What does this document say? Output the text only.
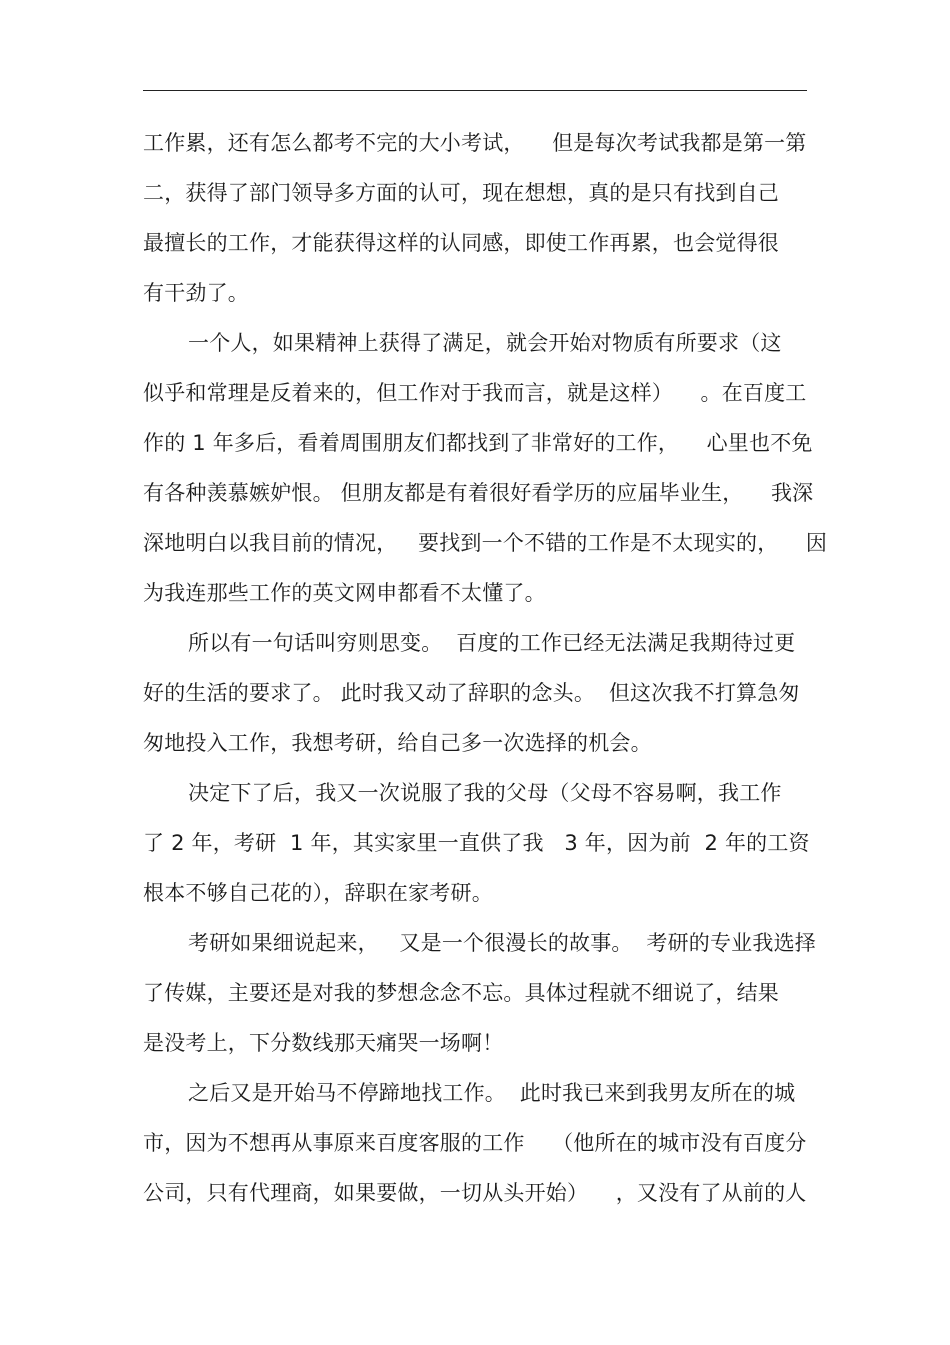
工作累，还有怎么都考不完的大小考试，    但是每次考试我都是第一第
二，获得了部门领导多方面的认可，现在想想，真的是只有找到自己
最擅长的工作，才能获得这样的认同感，即使工作再累，也会觉得很
有干劲了。
一个人，如果精神上获得了满足，就会开始对物质有所要求（这
似乎和常理是反着来的，但工作对于我而言，就是这样）    。在百度工
作的 1 年多后，看着周围朋友们都找到了非常好的工作，    心里也不免
有各种羡慕嫉妒恨。 但朋友都是有着很好看学历的应届毕业生，    我深
深地明白以我目前的情况，   要找到一个不错的工作是不太现实的，    因
为我连那些工作的英文网申都看不太懂了。
所以有一句话叫穷则思变。  百度的工作已经无法满足我期待过更
好的生活的要求了。 此时我又动了辞职的念头。  但这次我不打算急匆
匆地投入工作，我想考研，给自己多一次选择的机会。
决定下了后，我又一次说服了我的父母（父母不容易啊，我工作
了 2 年，考研  1 年，其实家里一直供了我   3 年，因为前  2 年的工资
根本不够自己花的），辞职在家考研。
考研如果细说起来，   又是一个很漫长的故事。  考研的专业我选择
了传媒，主要还是对我的梦想念念不忘。具体过程就不细说了，结果
是没考上，下分数线那天痛哭一场啊！
之后又是开始马不停蹄地找工作。  此时我已来到我男友所在的城
市，因为不想再从事原来百度客服的工作    （他所在的城市没有百度分
公司，只有代理商，如果要做，一切从头开始）    ，又没有了从前的人
